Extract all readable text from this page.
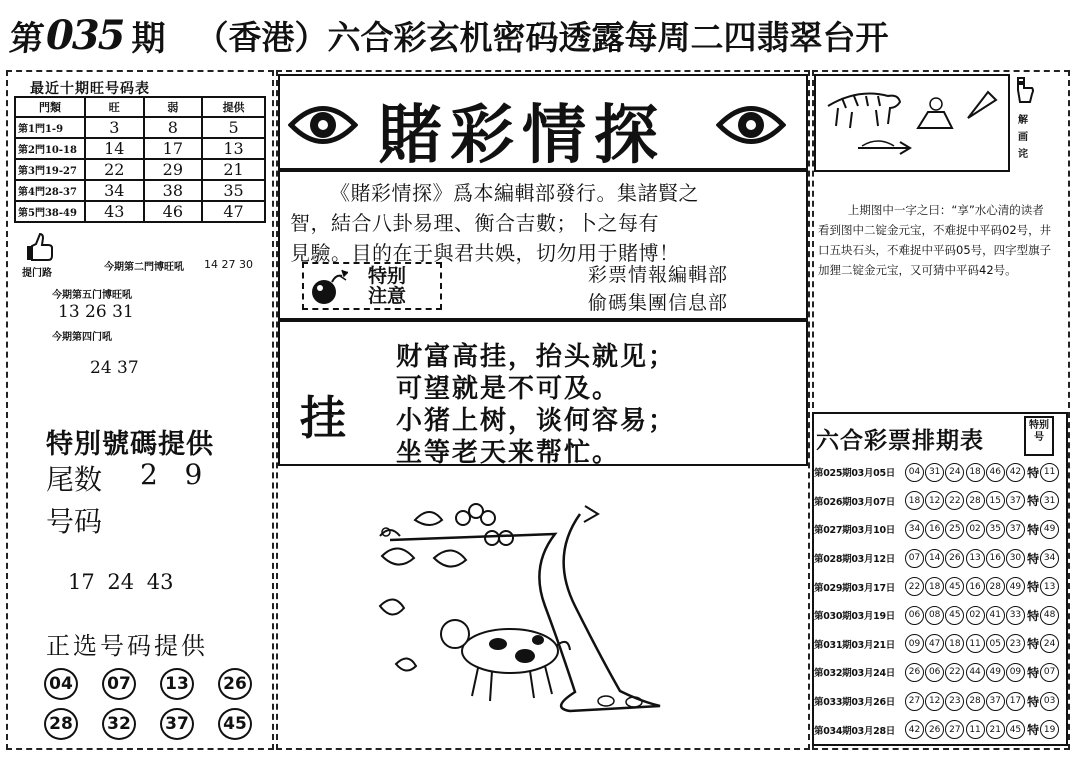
第 035 期 （香港）六合彩玄机密码透露每周二四翡翠台开
最近十期旺号码表
門類	旺	弱	提供
第1門1-9	3	8	5
第2門10-18	14	17	13
第3門19-27	22	29	21
第4門28-37	34	38	35
第5門38-49	43	46	47
提门路
今期第二門博旺吼 14 27 30
今期第五门博旺吼
13 26 31
今期第四门吼
24 37
特別號碼提供
尾数 2   9
号码
17 24 43
正选号码提供
04	07	13	26
28	32	37	45
賭彩情探
《賭彩情探》爲本編輯部發行。集諸賢之
智，結合八卦易理、衡合吉數；卜之每有
見驗。目的在于與君共娛，切勿用于賭博！
特别
注意
彩票情報編輯部
偷碼集團信息部
挂
财富高挂，抬头就见；
可望就是不可及。
小猪上树，谈何容易；
坐等老天来帮忙。
解画诧
上期图中一字之曰：“享”水心清的读者看到图中二锭金元宝，不难捉中平码02号，井口五块石头，不难捉中平码05号，四字型旗子加狸二锭金元宝，又可猜中平码42号。
六合彩票排期表
特别号
第025期03月05日	04 31 24 18 46 42 特 11
第026期03月07日	18 12 22 28 15 37 特 31
第027期03月10日	34 16 25 02 35 37 特 49
第028期03月12日	07 14 26 13 16 30 特 34
第029期03月17日	22 18 45 16 28 49 特 13
第030期03月19日	06 08 45 02 41 33 特 48
第031期03月21日	09 47 18 11 05 23 特 24
第032期03月24日	26 06 22 44 49 09 特 07
第033期03月26日	27 12 23 28 37 17 特 03
第034期03月28日	42 26 27 11 21 45 特 19
